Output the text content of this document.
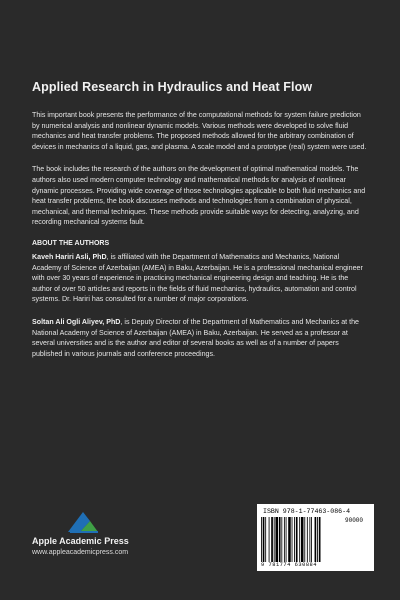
Applied Research in Hydraulics and Heat Flow

This important book presents the performance of the computational methods for system failure prediction by numerical analysis and nonlinear dynamic models. Various methods were developed to solve fluid mechanics and heat transfer problems. The proposed methods allowed for the arbitrary combination of devices in mechanics of a liquid, gas, and plasma. A scale model and a prototype (real) system were used.

The book includes the research of the authors on the development of optimal mathematical models. The authors also used modern computer technology and mathematical methods for analysis of nonlinear dynamic processes. Providing wide coverage of those technologies applicable to both fluid mechanics and heat transfer problems, the book discusses methods and technologies from a combination of physical, mechanical, and thermal techniques. These methods provide suitable ways for detecting, analyzing, and recording mechanical systems fault.

ABOUT THE AUTHORS

Kaveh Hariri Asli, PhD, is affiliated with the Department of Mathematics and Mechanics, National Academy of Science of Azerbaijan (AMEA) in Baku, Azerbaijan. He is a professional mechanical engineer with over 30 years of experience in practicing mechanical engineering design and teaching. He is the author of over 50 articles and reports in the fields of fluid mechanics, hydraulics, automation and control systems. Dr. Hariri has consulted for a number of major corporations.

Soltan Ali Ogli Aliyev, PhD, is Deputy Director of the Department of Mathematics and Mechanics at the National Academy of Science of Azerbaijan (AMEA) in Baku, Azerbaijan. He served as a professor at several universities and is the author and editor of several books as well as of a number of papers published in various journals and conference proceedings.

Apple Academic Press
www.appleacademicpress.com
ISBN 978-1-77463-086-4
90000
9 781774 630884
